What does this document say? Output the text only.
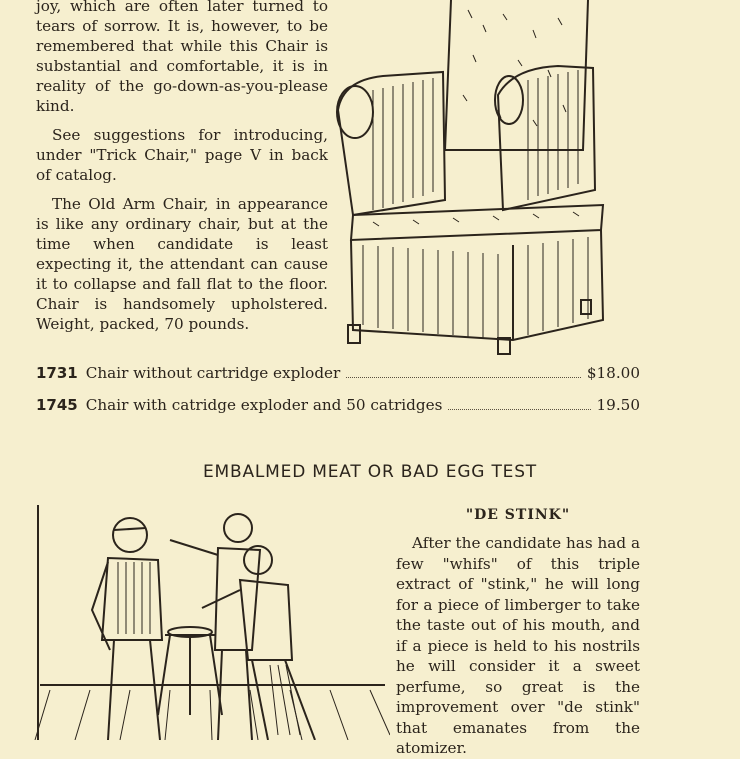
joy, which are often later turned to tears of sorrow. It is, however, to be remembered that while this Chair is substantial and comfortable, it is in reality of the go-down-as-you-please kind.

See suggestions for introducing, under "Trick Chair," page V in back of catalog.

The Old Arm Chair, in appearance is like any ordinary chair, but at the time when candidate is least expecting it, the attendant can cause it to collapse and fall flat to the floor. Chair is handsomely upholstered. Weight, packed, 70 pounds.

1731 Chair without cartridge exploder	$18.00
1745 Chair with catridge exploder and 50 catridges	19.50
EMBALMED MEAT OR BAD EGG TEST
"DE STINK"

After the candidate has had a few "whifs" of this triple extract of "stink," he will long for a piece of limberger to take the taste out of his mouth, and if a piece is held to his nostrils he will consider it a sweet perfume, so great is the improvement over "de stink" that emanates from the atomizer.
